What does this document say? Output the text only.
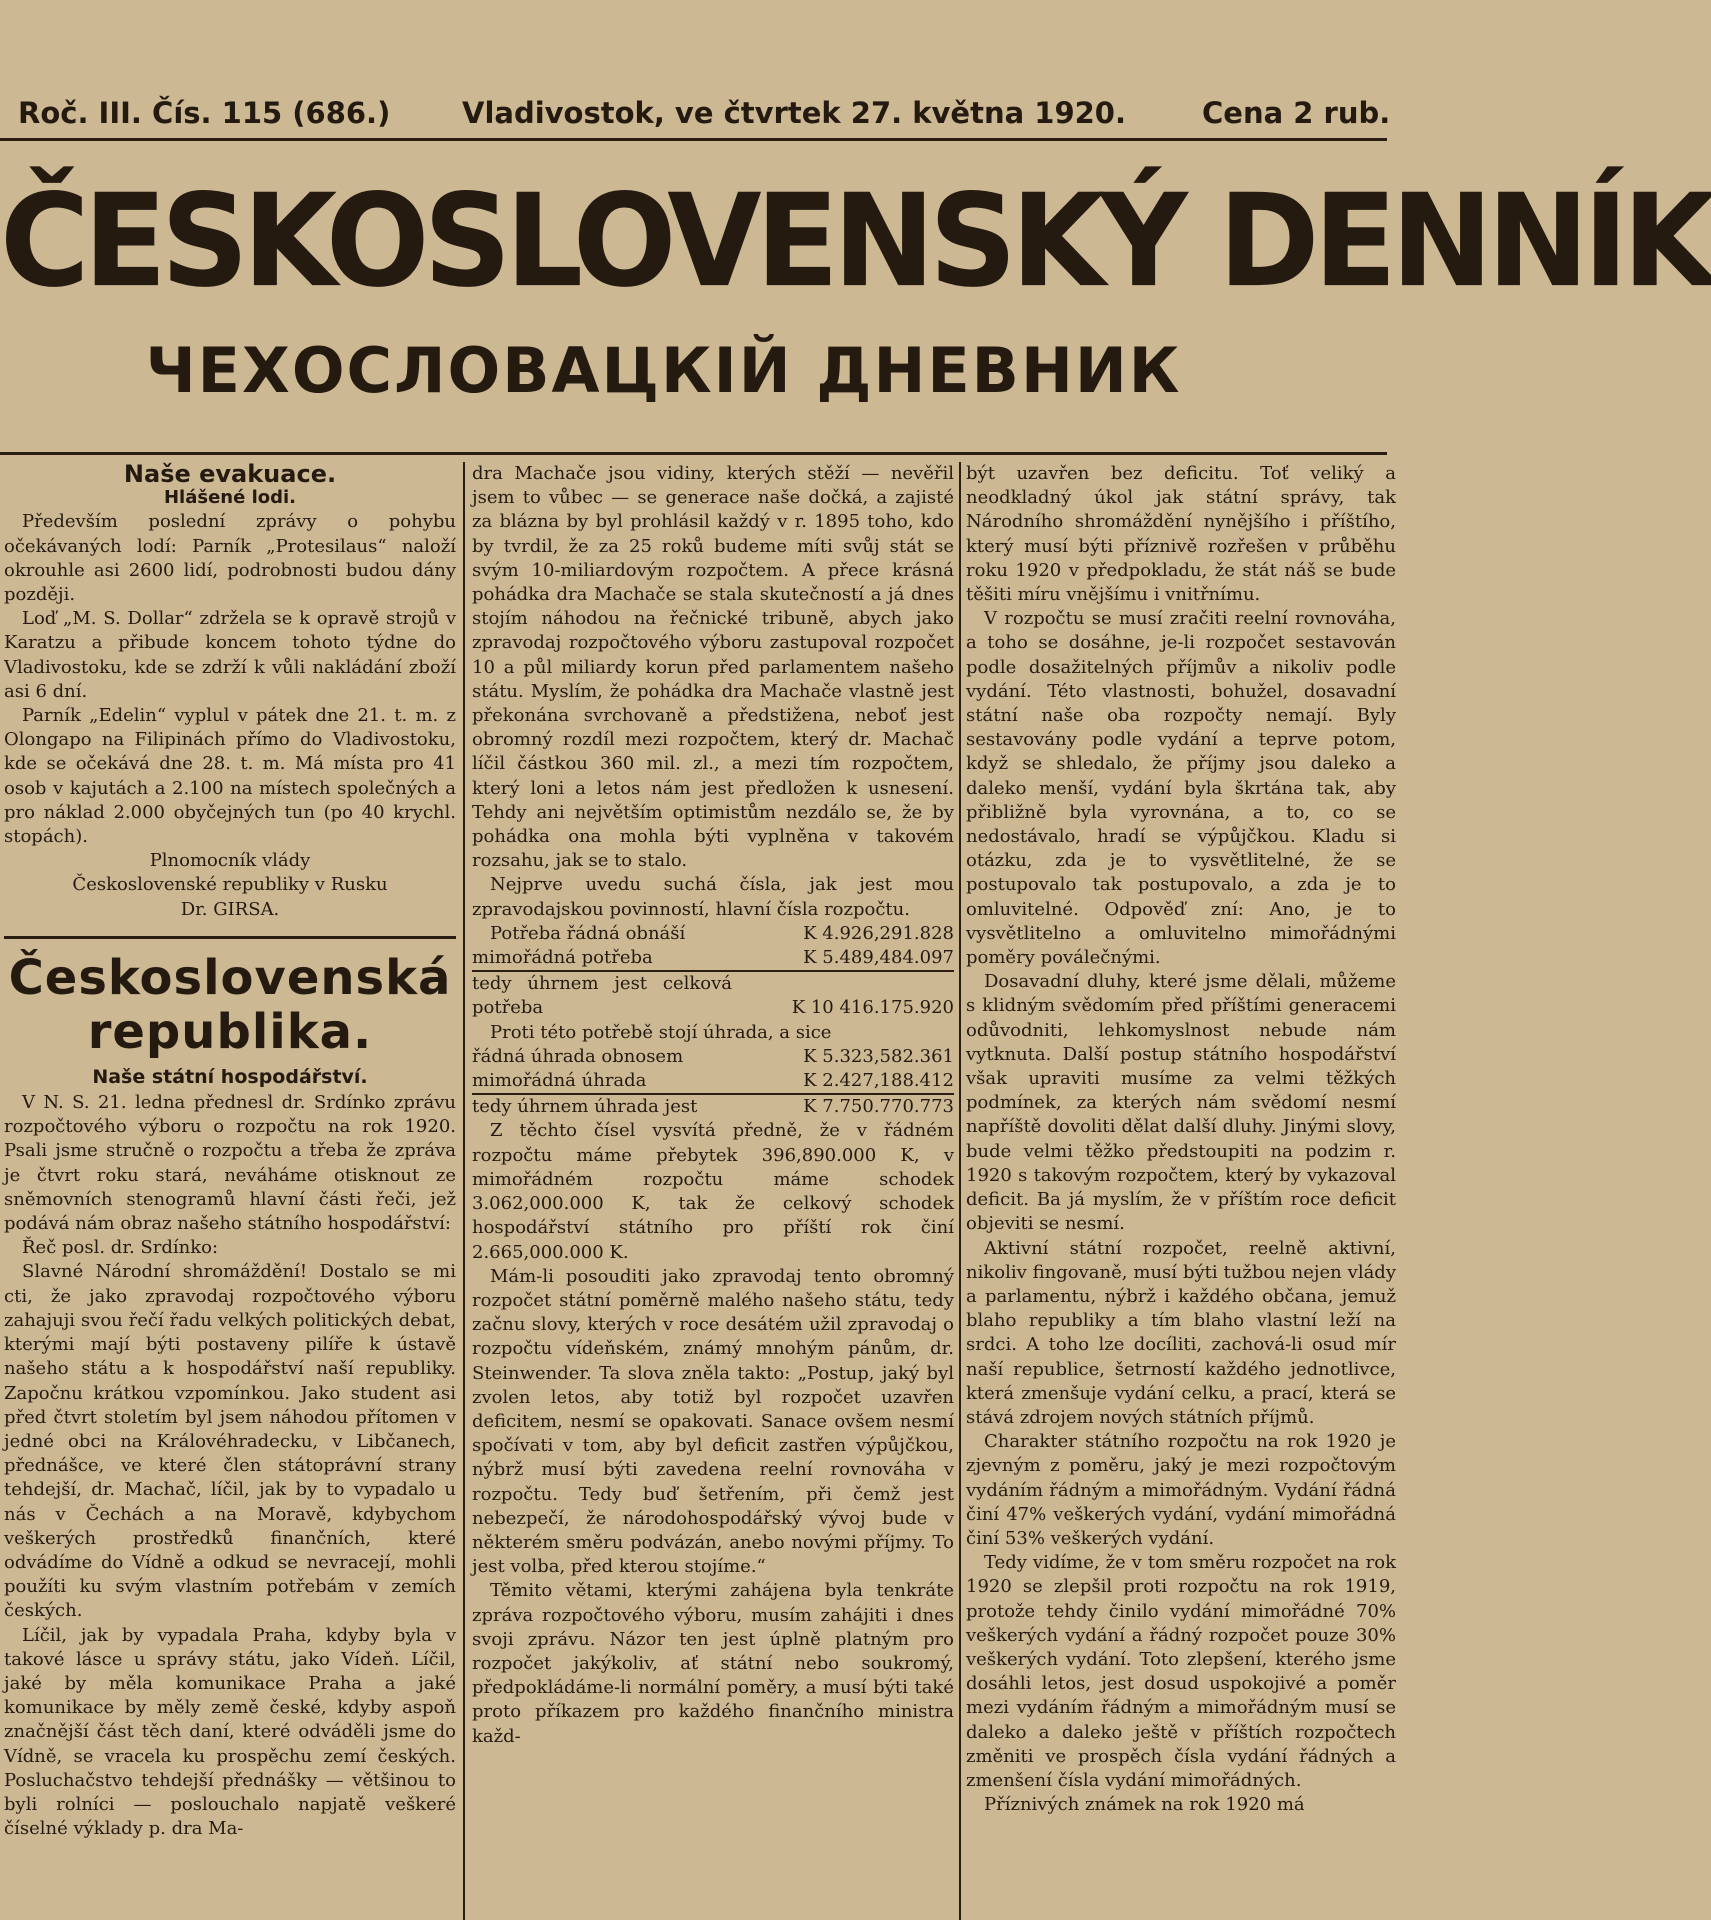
Roč. III. Čís. 115 (686.) Vladivostok, ve čtvrtek 27. května 1920.	Cena 2 rub.
ČESKOSLOVENSKÝ DENNÍK
ЧЕХОСЛОВАЦКІЙ ДНЕВНИК
Naše evakuace.
Hlášené lodi.

Především poslední zprávy o pohybu očekávaných lodí: Parník „Protesilaus“ naloží okrouhle asi 2600 lidí, podrobnosti budou dány později.

Loď „M. S. Dollar“ zdržela se k opravě strojů v Karatzu a přibude koncem tohoto týdne do Vladivostoku, kde se zdrží k vůli nakládání zboží asi 6 dní.

Parník „Edelin“ vyplul v pátek dne 21. t. m. z Olongapo na Filipinách přímo do Vladivostoku, kde se očekává dne 28. t. m. Má místa pro 41 osob v kajutách a 2.100 na místech společných a pro náklad 2.000 obyčejných tun (po 40 krychl. stopách).

Plnomocník vlády

Československé republiky v Rusku

Dr. GIRSA.

Československá
republika.
Naše státní hospodářství.

V N. S. 21. ledna přednesl dr. Srdínko zprávu rozpočtového výboru o rozpočtu na rok 1920. Psali jsme stručně o rozpočtu a třeba že zpráva je čtvrt roku stará, neváháme otisknout ze sněmovních stenogramů hlavní části řeči, jež podává nám obraz našeho státního hospodářství:

Řeč posl. dr. Srdínko:

Slavné Národní shromáždění! Dostalo se mi cti, že jako zpravodaj rozpočtového výboru zahajuji svou řečí řadu velkých politických debat, kterými mají býti postaveny pilíře k ústavě našeho státu a k hospodářství naší republiky. Započnu krátkou vzpomínkou. Jako student asi před čtvrt stoletím byl jsem náhodou přítomen v jedné obci na Královéhradecku, v Libčanech, přednášce, ve které člen státoprávní strany tehdejší, dr. Machač, líčil, jak by to vypadalo u nás v Čechách a na Moravě, kdybychom veškerých prostředků finančních, které odvádíme do Vídně a odkud se nevracejí, mohli použíti ku svým vlastním potřebám v zemích českých.

Líčil, jak by vypadala Praha, kdyby byla v takové lásce u správy státu, jako Vídeň. Líčil, jaké by měla komunikace Praha a jaké komunikace by měly země české, kdyby aspoň značnější část těch daní, které odváděli jsme do Vídně, se vracela ku prospěchu zemí českých. Posluchačstvo tehdejší přednášky — většinou to byli rolníci — poslouchalo napjatě veškeré číselné výklady p. dra Ma-

dra Machače jsou vidiny, kterých stěží — nevěřil jsem to vůbec — se generace naše dočká, a zajisté za blázna by byl prohlásil každý v r. 1895 toho, kdo by tvrdil, že za 25 roků budeme míti svůj stát se svým 10-miliardovým rozpočtem. A přece krásná pohádka dra Machače se stala skutečností a já dnes stojím náhodou na řečnické tribuně, abych jako zpravodaj rozpočtového výboru zastupoval rozpočet 10 a půl miliardy korun před parlamentem našeho státu. Myslím, že pohádka dra Machače vlastně jest překonána svrchovaně a předstižena, neboť jest obromný rozdíl mezi rozpočtem, který dr. Machač líčil částkou 360 mil. zl., a mezi tím rozpočtem, který loni a letos nám jest předložen k usnesení. Tehdy ani největším optimistům nezdálo se, že by pohádka ona mohla býti vyplněna v takovém rozsahu, jak se to stalo.

Nejprve uvedu suchá čísla, jak jest mou zpravodajskou povinností, hlavní čísla rozpočtu.

Potřeba řádná obnáší	K 4.926,291.828
mimořádná potřeba	K 5.489,484.097
tedy úhrnem jest celková potřeba	K 10 416.175.920

Proti této potřebě stojí úhrada, a sice

řádná úhrada obnosem	K 5.323,582.361
mimořádná úhrada	K 2.427,188.412
tedy úhrnem úhrada jest	K 7.750.770.773

Z těchto čísel vysvítá předně, že v řádném rozpočtu máme přebytek 396,890.000 K, v mimořádném rozpočtu máme schodek 3.062,000.000 K, tak že celkový schodek hospodářství státního pro příští rok činí 2.665,000.000 K.

Mám-li posouditi jako zpravodaj tento obromný rozpočet státní poměrně malého našeho státu, tedy začnu slovy, kterých v roce desátém užil zpravodaj o rozpočtu vídeňském, známý mnohým pánům, dr. Steinwender. Ta slova zněla takto: „Postup, jaký byl zvolen letos, aby totiž byl rozpočet uzavřen deficitem, nesmí se opakovati. Sanace ovšem nesmí spočívati v tom, aby byl deficit zastřen výpůjčkou, nýbrž musí býti zavedena reelní rovnováha v rozpočtu. Tedy buď šetřením, při čemž jest nebezpečí, že národohospodářský vývoj bude v některém směru podvázán, anebo novými příjmy. To jest volba, před kterou stojíme.“

Těmito větami, kterými zahájena byla tenkráte zpráva rozpočtového výboru, musím zahájiti i dnes svoji zprávu. Názor ten jest úplně platným pro rozpočet jakýkoliv, ať státní nebo soukromý, předpokládáme-li normální poměry, a musí býti také proto příkazem pro každého finančního ministra každ-

být uzavřen bez deficitu. Toť veliký a neodkladný úkol jak státní správy, tak Národního shromáždění nynějšího i příštího, který musí býti příznivě rozřešen v průběhu roku 1920 v předpokladu, že stát náš se bude těšiti míru vnějšímu i vnitřnímu.

V rozpočtu se musí zračiti reelní rovnováha, a toho se dosáhne, je-li rozpočet sestavován podle dosažitelných příjmův a nikoliv podle vydání. Této vlastnosti, bohužel, dosavadní státní naše oba rozpočty nemají. Byly sestavovány podle vydání a teprve potom, když se shledalo, že příjmy jsou daleko a daleko menší, vydání byla škrtána tak, aby přibližně byla vyrovnána, a to, co se nedostávalo, hradí se výpůjčkou. Kladu si otázku, zda je to vysvětlitelné, že se postupovalo tak postupovalo, a zda je to omluvitelné. Odpověď zní: Ano, je to vysvětlitelno a omluvitelno mimořádnými poměry poválečnými.

Dosavadní dluhy, které jsme dělali, můžeme s klidným svědomím před příštími generacemi odůvodniti, lehkomyslnost nebude nám vytknuta. Další postup státního hospodářství však upraviti musíme za velmi těžkých podmínek, za kterých nám svědomí nesmí napříště dovoliti dělat další dluhy. Jinými slovy, bude velmi těžko předstoupiti na podzim r. 1920 s takovým rozpočtem, který by vykazoval deficit. Ba já myslím, že v příštím roce deficit objeviti se nesmí.

Aktivní státní rozpočet, reelně aktivní, nikoliv fingovaně, musí býti tužbou nejen vlády a parlamentu, nýbrž i každého občana, jemuž blaho republiky a tím blaho vlastní leží na srdci. A toho lze docíliti, zachová-li osud mír naší republice, šetrností každého jednotlivce, která zmenšuje vydání celku, a prací, která se stává zdrojem nových státních příjmů.

Charakter státního rozpočtu na rok 1920 je zjevným z poměru, jaký je mezi rozpočtovým vydáním řádným a mimořádným. Vydání řádná činí 47% veškerých vydání, vydání mimořádná činí 53% veškerých vydání.

Tedy vidíme, že v tom směru rozpočet na rok 1920 se zlepšil proti rozpočtu na rok 1919, protože tehdy činilo vydání mimořádné 70% veškerých vydání a řádný rozpočet pouze 30% veškerých vydání. Toto zlepšení, kterého jsme dosáhli letos, jest dosud uspokojivé a poměr mezi vydáním řádným a mimořádným musí se daleko a daleko ještě v příštích rozpočtech změniti ve prospěch čísla vydání řádných a zmenšení čísla vydání mimořádných.

Příznivých známek na rok 1920 má
